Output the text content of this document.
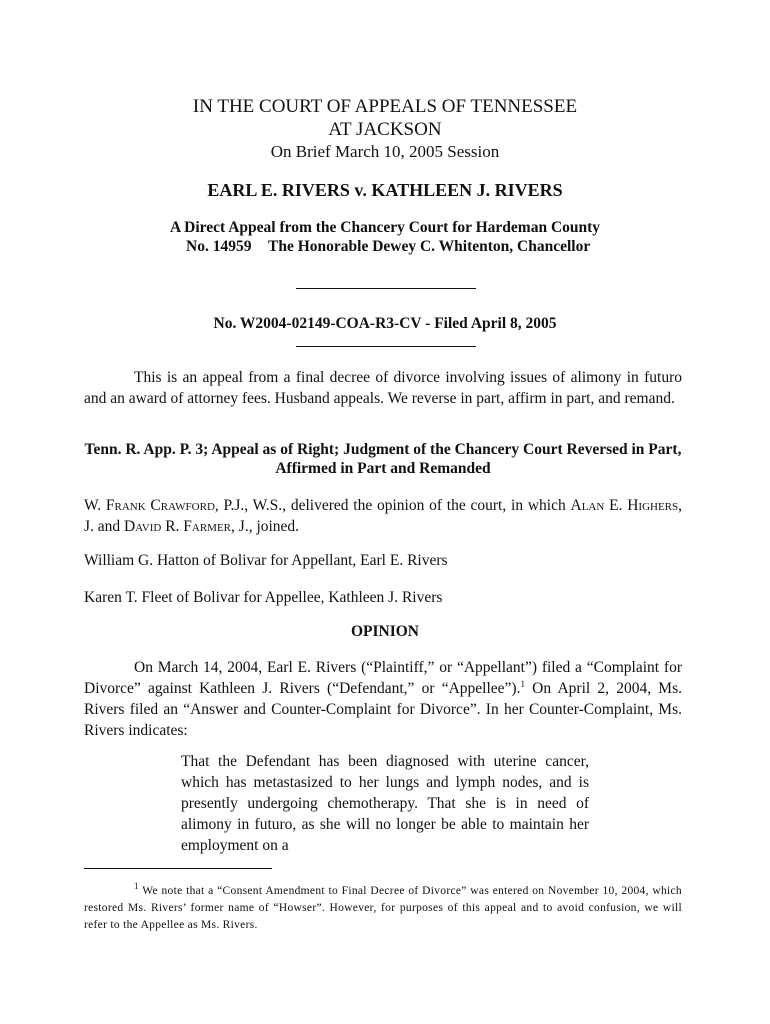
IN THE COURT OF APPEALS OF TENNESSEE
AT JACKSON
On Brief March 10, 2005 Session
EARL E. RIVERS v. KATHLEEN J. RIVERS
A Direct Appeal from the Chancery Court for Hardeman County
No. 14959 The Honorable Dewey C. Whitenton, Chancellor
No. W2004-02149-COA-R3-CV - Filed April 8, 2005
This is an appeal from a final decree of divorce involving issues of alimony in futuro and an award of attorney fees. Husband appeals. We reverse in part, affirm in part, and remand.
Tenn. R. App. P. 3; Appeal as of Right; Judgment of the Chancery Court Reversed in Part,
Affirmed in Part and Remanded
W. Frank Crawford, P.J., W.S., delivered the opinion of the court, in which Alan E. Highers, J. and David R. Farmer, J., joined.
William G. Hatton of Bolivar for Appellant, Earl E. Rivers
Karen T. Fleet of Bolivar for Appellee, Kathleen J. Rivers
OPINION
On March 14, 2004, Earl E. Rivers (“Plaintiff,” or “Appellant”) filed a “Complaint for Divorce” against Kathleen J. Rivers (“Defendant,” or “Appellee”).$^1$ On April 2, 2004, Ms. Rivers filed an “Answer and Counter-Complaint for Divorce”. In her Counter-Complaint, Ms. Rivers indicates:
That the Defendant has been diagnosed with uterine cancer, which has metastasized to her lungs and lymph nodes, and is presently undergoing chemotherapy. That she is in need of alimony in futuro, as she will no longer be able to maintain her employment on a
$^1$ We note that a “Consent Amendment to Final Decree of Divorce” was entered on November 10, 2004, which restored Ms. Rivers’ former name of “Howser”. However, for purposes of this appeal and to avoid confusion, we will refer to the Appellee as Ms. Rivers.
